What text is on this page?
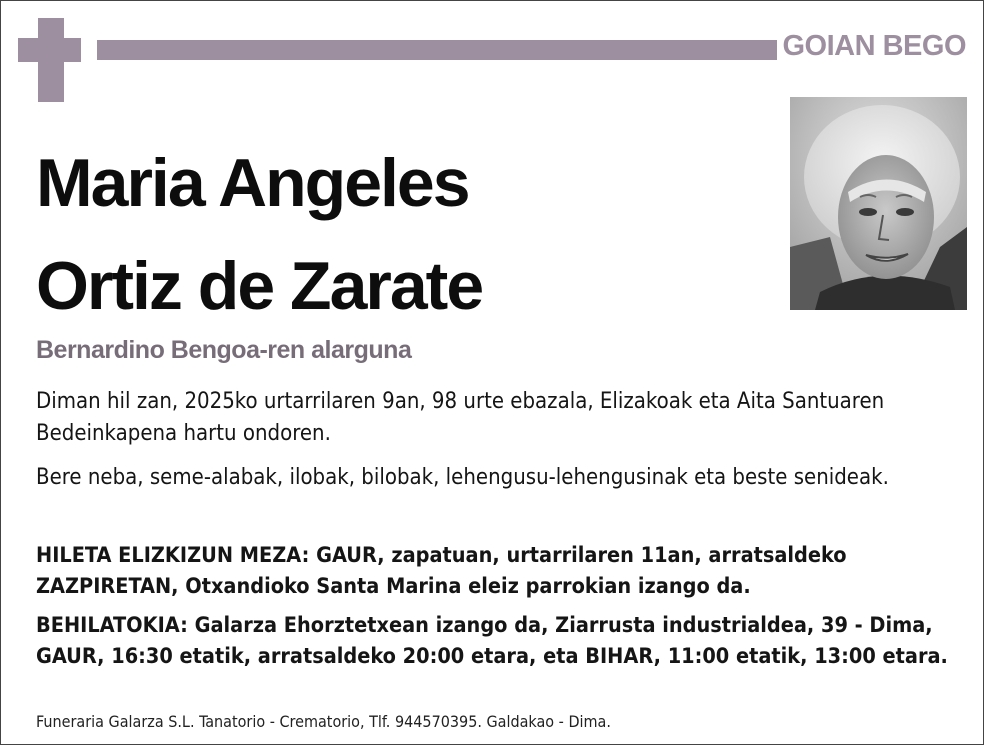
GOIAN BEGO
Maria Angeles
Ortiz de Zarate
Bernardino Bengoa-ren alarguna
Diman hil zan, 2025ko urtarrilaren 9an, 98 urte ebazala, Elizakoak eta Aita Santuaren Bedeinkapena hartu ondoren.
Bere neba, seme-alabak, ilobak, bilobak, lehengusu-lehengusinak eta beste senideak.
HILETA ELIZKIZUN MEZA: GAUR, zapatuan, urtarrilaren 11an, arratsaldeko ZAZPIRETAN, Otxandioko Santa Marina eleiz parrokian izango da.
BEHILATOKIA: Galarza Ehorztetxean izango da, Ziarrusta industrialdea, 39 - Dima, GAUR, 16:30 etatik, arratsaldeko 20:00 etara, eta BIHAR, 11:00 etatik, 13:00 etara.
Funeraria Galarza S.L. Tanatorio - Crematorio, Tlf. 944570395. Galdakao - Dima.
